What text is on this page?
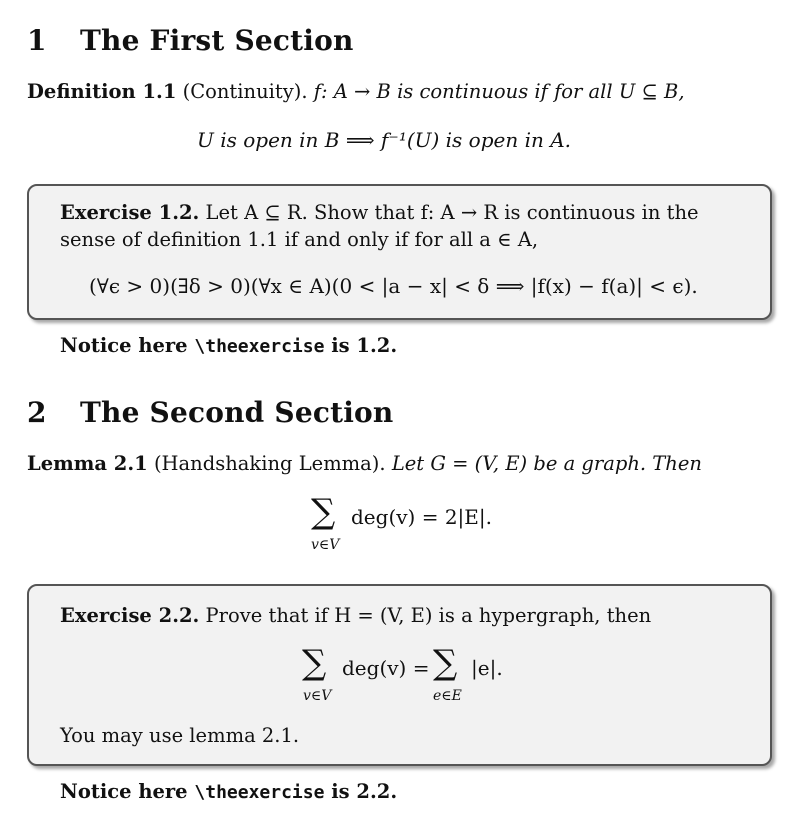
1 The First Section
Definition 1.1 (Continuity). f: A → B is continuous if for all U ⊆ B,
U is open in B ⟹ f⁻¹(U) is open in A.
Exercise 1.2. Let A ⊆ R. Show that f: A → R is continuous in the
sense of definition 1.1 if and only if for all a ∈ A,
(∀ϵ > 0)(∃δ > 0)(∀x ∈ A)(0 < |a − x| < δ ⟹ |f(x) − f(a)| < ϵ).
Notice here \theexercise is 1.2.
2 The Second Section
Lemma 2.1 (Handshaking Lemma). Let G = (V, E) be a graph. Then
∑
v∈V
deg(v) = 2|E|.
Exercise 2.2. Prove that if H = (V, E) is a hypergraph, then
∑
v∈V
deg(v) = ∑
e∈E
|e|.
You may use lemma 2.1.
Notice here \theexercise is 2.2.
